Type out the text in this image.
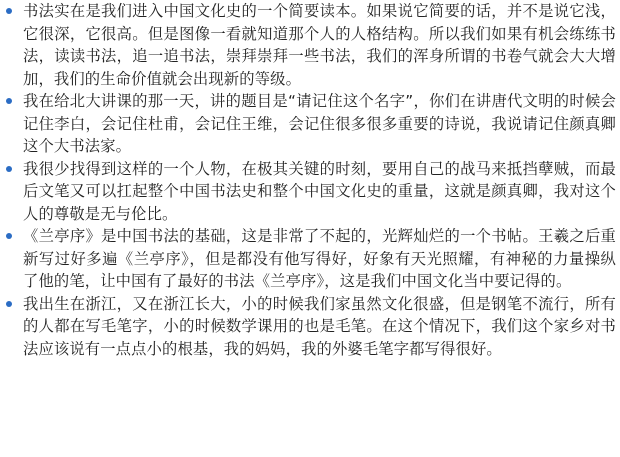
书法实在是我们进入中国文化史的一个简要读本。如果说它简要的话，并不是说它浅，它很深，它很高。但是图像一看就知道那个人的人格结构。所以我们如果有机会练练书法，读读书法，追一追书法，崇拜崇拜一些书法，我们的浑身所谓的书卷气就会大大增加，我们的生命价值就会出现新的等级。
我在给北大讲课的那一天，讲的题目是“请记住这个名字”，你们在讲唐代文明的时候会记住李白，会记住杜甫，会记住王维，会记住很多很多重要的诗说，我说请记住颜真卿这个大书法家。
我很少找得到这样的一个人物，在极其关键的时刻，要用自己的战马来抵挡孽贼，而最后文笔又可以扛起整个中国书法史和整个中国文化史的重量，这就是颜真卿，我对这个人的尊敬是无与伦比。
《兰亭序》是中国书法的基础，这是非常了不起的，光辉灿烂的一个书帖。王羲之后重新写过好多遍《兰亭序》，但是都没有他写得好，好象有天光照耀，有神秘的力量操纵了他的笔，让中国有了最好的书法《兰亭序》，这是我们中国文化当中要记得的。
我出生在浙江，又在浙江长大，小的时候我们家虽然文化很盛，但是钢笔不流行，所有的人都在写毛笔字，小的时候数学课用的也是毛笔。在这个情况下，我们这个家乡对书法应该说有一点点小的根基，我的妈妈，我的外婆毛笔字都写得很好。
